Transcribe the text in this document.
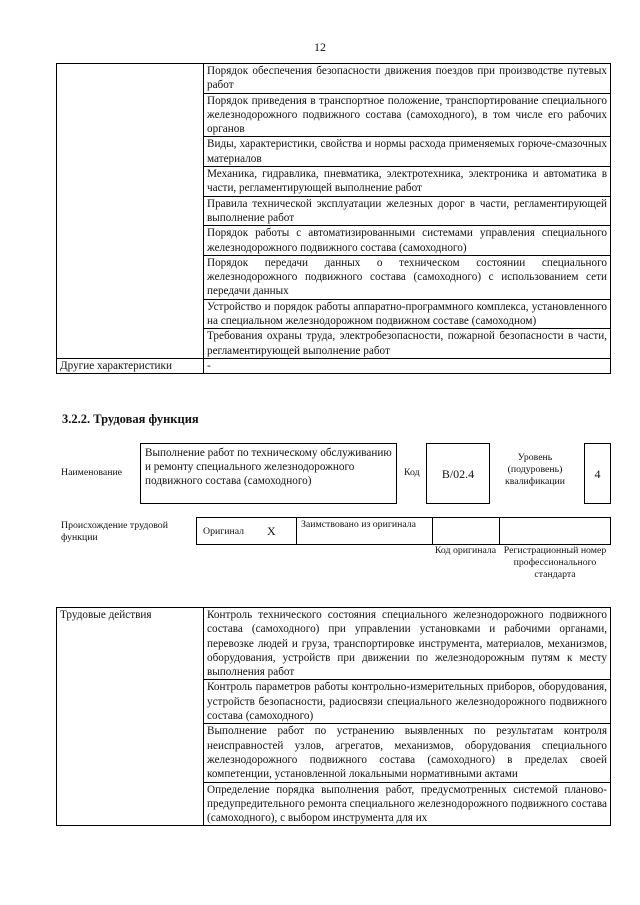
12
	Порядок обеспечения безопасности движения поездов при производстве путевых работ
	Порядок приведения в транспортное положение, транспортирование специального железнодорожного подвижного состава (самоходного), в том числе его рабочих органов
	Виды, характеристики, свойства и нормы расхода применяемых горюче-смазочных материалов
	Механика, гидравлика, пневматика, электротехника, электроника и автоматика в части, регламентирующей выполнение работ
	Правила технической эксплуатации железных дорог в части, регламентирующей выполнение работ
	Порядок работы с автоматизированными системами управления специального железнодорожного подвижного состава (самоходного)
	Порядок передачи данных о техническом состоянии специального железнодорожного подвижного состава (самоходного) с использованием сети передачи данных
	Устройство и порядок работы аппаратно-программного комплекса, установленного на специальном железнодорожном подвижном составе (самоходном)
	Требования охраны труда, электробезопасности, пожарной безопасности в части, регламентирующей выполнение работ
Другие характеристики	-
3.2.2. Трудовая функция
Наименование
Выполнение работ по техническому обслуживанию и ремонту специального железнодорожного подвижного состава (самоходного)
Код	B/02.4
Уровень (подуровень) квалификации
4
Происхождение трудовой функции
Оригинал X	Заимствовано из оригинала
Код оригинала Регистрационный номер профессионального стандарта
Трудовые действия	Контроль технического состояния специального железнодорожного подвижного состава (самоходного) при управлении установками и рабочими органами, перевозке людей и груза, транспортировке инструмента, материалов, механизмов, оборудования, устройств при движении по железнодорожным путям к месту выполнения работ
Контроль параметров работы контрольно-измерительных приборов, оборудования, устройств безопасности, радиосвязи специального железнодорожного подвижного состава (самоходного)
Выполнение работ по устранению выявленных по результатам контроля неисправностей узлов, агрегатов, механизмов, оборудования специального железнодорожного подвижного состава (самоходного) в пределах своей компетенции, установленной локальными нормативными актами
Определение порядка выполнения работ, предусмотренных системой планово-предупредительного ремонта специального железнодорожного подвижного состава (самоходного), с выбором инструмента для их
